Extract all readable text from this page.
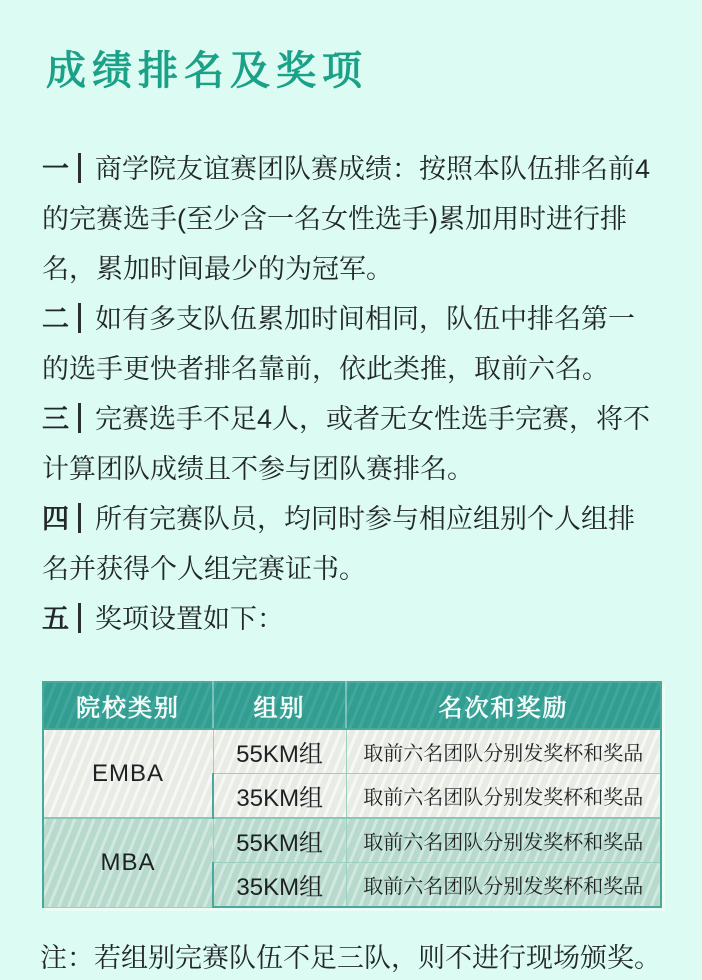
成绩排名及奖项

一 商学院友谊赛团队赛成绩：按照本队伍排名前4的完赛选手(至少含一名女性选手)累加用时进行排名，累加时间最少的为冠军。

二 如有多支队伍累加时间相同，队伍中排名第一的选手更快者排名靠前，依此类推，取前六名。

三 完赛选手不足4人，或者无女性选手完赛，将不计算团队成绩且不参与团队赛排名。

四 所有完赛队员，均同时参与相应组别个人组排名并获得个人组完赛证书。

五 奖项设置如下：

院校类别	组别	名次和奖励
EMBA	55KM组	取前六名团队分别发奖杯和奖品
	35KM组	取前六名团队分别发奖杯和奖品
MBA	55KM组	取前六名团队分别发奖杯和奖品
	35KM组	取前六名团队分别发奖杯和奖品

注：若组别完赛队伍不足三队，则不进行现场颁奖。
